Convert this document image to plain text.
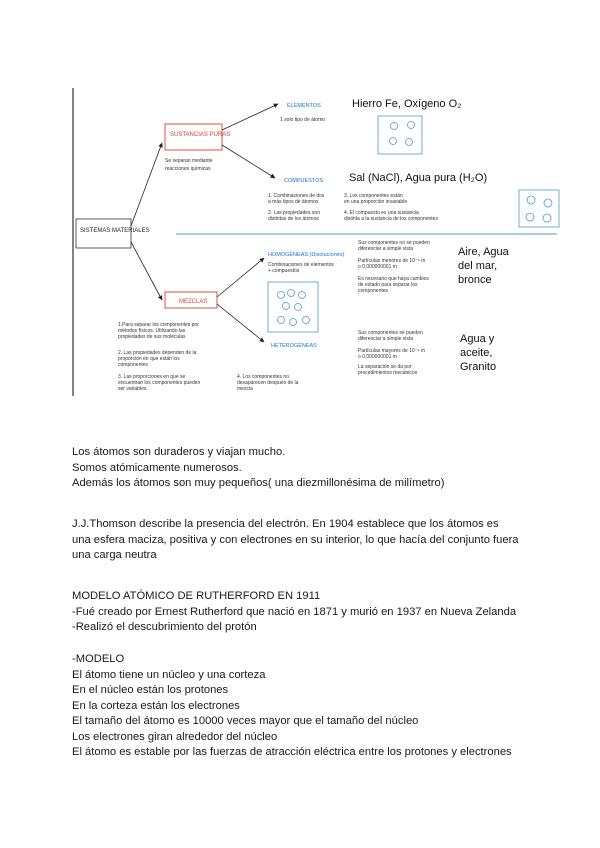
SISTEMAS MATERIALES
SUSTANCIAS PURAS
Se separan mediante
reacciones químicas
ELEMENTOS
1 solo tipo de átomo
Hierro Fe, Oxígeno O₂
COMPUESTOS Sal (NaCl), Agua pura (H₂O)
1. Combinaciones de dos
a más tipos de átomos
2. Las propiedades son
distintas de los átomos
3. Los componentes están
en una proporción invariable
4. El compuesto es una sustancia
distinta a la sustancia de los componentes
MEZCLAS
1.Para separar los componentes por
métodos físicos. Utilizando las
propiedades de sus moléculas
2. Las propiedades dependen de la
proporción en que están los
componentes
3. Las proporciones en que se
encuentran los componentes pueden
ser variables.
4. Los componentes no
desaparecen después de la
mezcla
HOMOGÉNEAS (Disoluciones)
Combinaciones de elementos
+ compuestos
Sus componentes no se pueden
diferenciar a simple vista
Partículas menores de 10⁻⁹ m
o 0,000000001 m
Es necesario que haya cambios
de estado para separar los
componentes
Aire, Agua
del mar,
bronce
HETEROGÉNEAS
Sus componentes se pueden
diferenciar a simple vista
Partículas mayores de 10⁻⁹ m
o 0,000000001 m
La separación se da por
procedimientos mecánicos
Agua y
aceite,
Granito
Los átomos son duraderos y viajan mucho.
Somos atómicamente numerosos.
Además los átomos son muy pequeños( una diezmillonésima de milímetro)
J.J.Thomson describe la presencia del electrón. En 1904 establece que los átomos es una esfera maciza, positiva y con electrones en su interior, lo que hacía del conjunto fuera una carga neutra
MODELO ATÓMICO DE RUTHERFORD EN 1911
-Fué creado por Ernest Rutherford que nació en 1871 y murió en 1937 en Nueva Zelanda
-Realizó el descubrimiento del protón
-MODELO
El átomo tiene un núcleo y una corteza
En el núcleo están los protones
En la corteza están los electrones
El tamaño del átomo es 10000 veces mayor que el tamaño del núcleo
Los electrones giran alrededor del núcleo
El átomo es estable por las fuerzas de atracción eléctrica entre los protones y electrones
